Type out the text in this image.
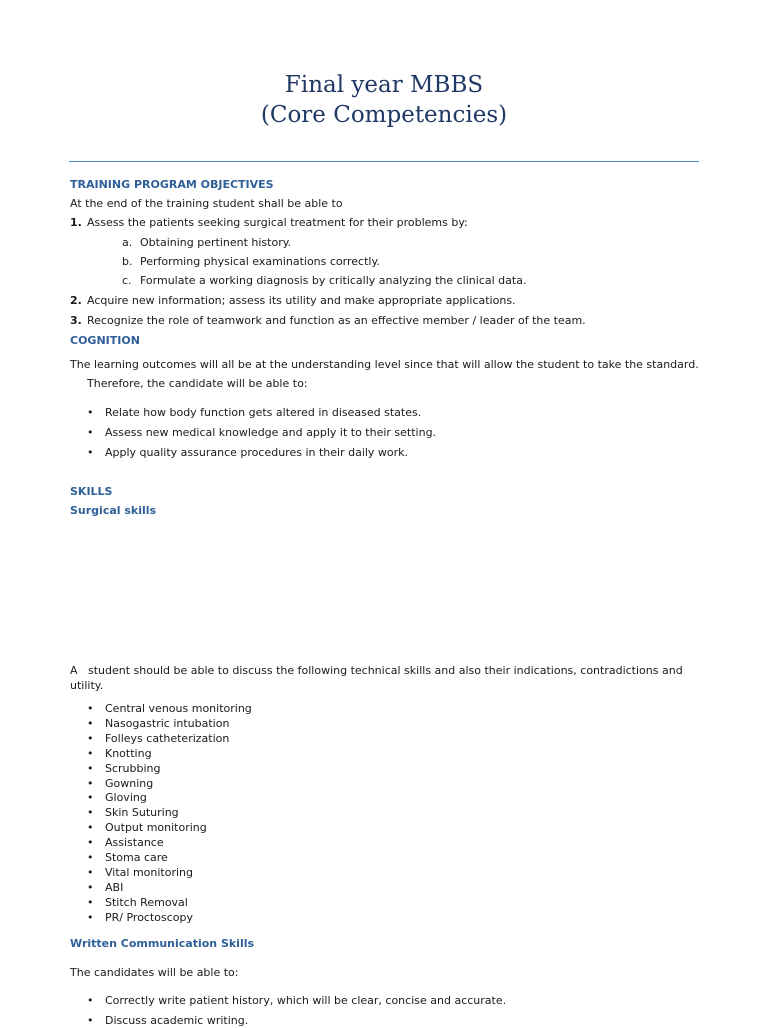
Final year MBBS
(Core Competencies)
TRAINING PROGRAM OBJECTIVES
At the end of the training student shall be able to
1. Assess the patients seeking surgical treatment for their problems by:
a. Obtaining pertinent history.
b. Performing physical examinations correctly.
c. Formulate a working diagnosis by critically analyzing the clinical data.
2. Acquire new information; assess its utility and make appropriate applications.
3. Recognize the role of teamwork and function as an effective member / leader of the team.
COGNITION
The learning outcomes will all be at the understanding level since that will allow the student to take the standard.
Therefore, the candidate will be able to:
• Relate how body function gets altered in diseased states.
• Assess new medical knowledge and apply it to their setting.
• Apply quality assurance procedures in their daily work.
SKILLS
Surgical skills
A   student should be able to discuss the following technical skills and also their indications, contradictions and
utility.
• Central venous monitoring
• Nasogastric intubation
• Folleys catheterization
• Knotting
• Scrubbing
• Gowning
• Gloving
• Skin Suturing
• Output monitoring
• Assistance
• Stoma care
• Vital monitoring
• ABI
• Stitch Removal
• PR/ Proctoscopy
Written Communication Skills
The candidates will be able to:
• Correctly write patient history, which will be clear, concise and accurate.
• Discuss academic writing.
